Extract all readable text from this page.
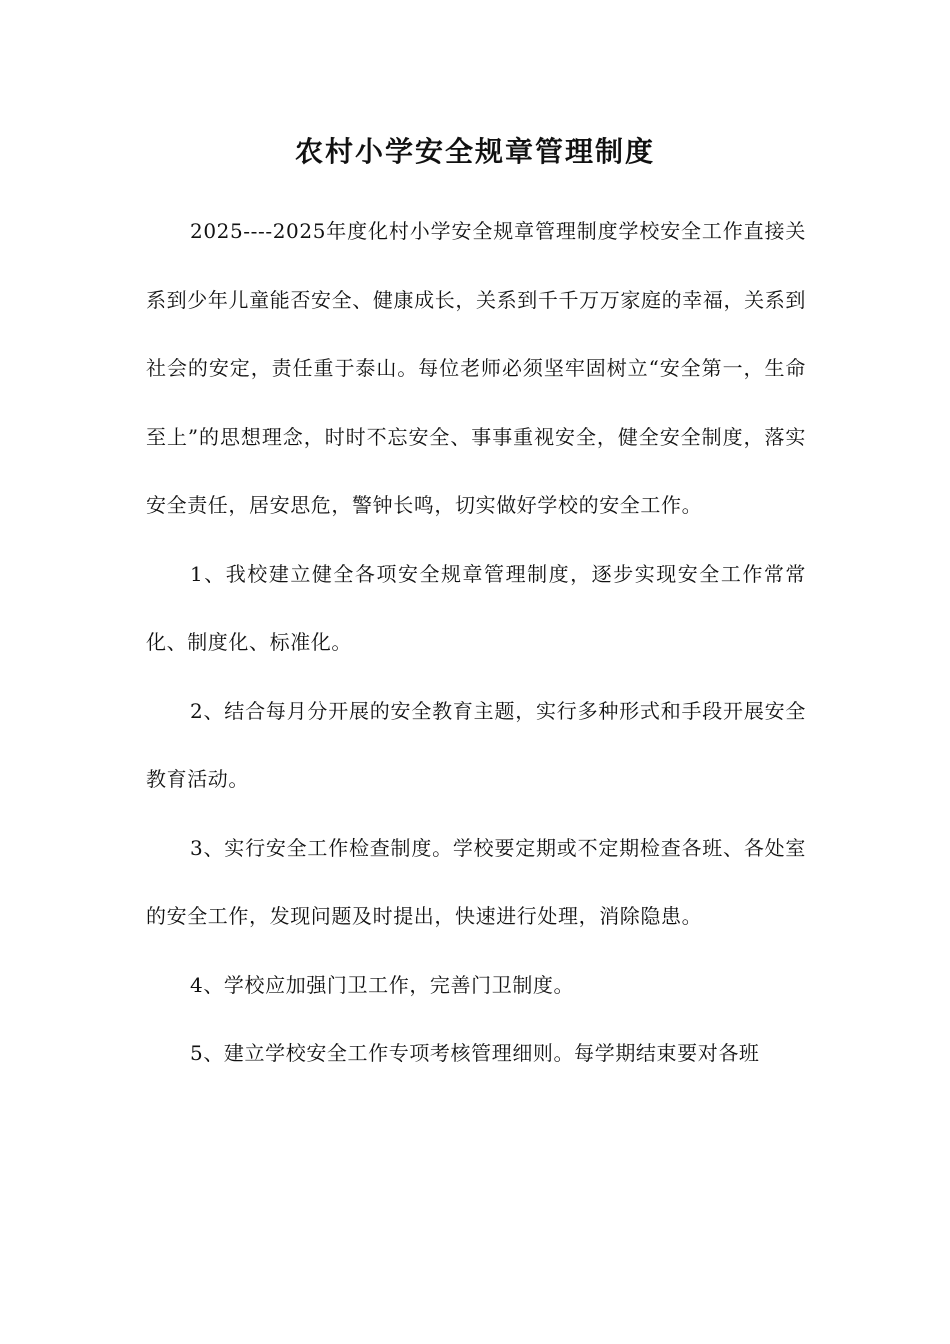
农村小学安全规章管理制度

2025----2025年度化村小学安全规章管理制度学校安全工作直接关系到少年儿童能否安全、健康成长，关系到千千万万家庭的幸福，关系到社会的安定，责任重于泰山。每位老师必须坚牢固树立“安全第一，生命至上”的思想理念，时时不忘安全、事事重视安全，健全安全制度，落实安全责任，居安思危，警钟长鸣，切实做好学校的安全工作。

1、我校建立健全各项安全规章管理制度，逐步实现安全工作常常化、制度化、标准化。

2、结合每月分开展的安全教育主题，实行多种形式和手段开展安全教育活动。

3、实行安全工作检查制度。学校要定期或不定期检查各班、各处室的安全工作，发现问题及时提出，快速进行处理，消除隐患。

4、学校应加强门卫工作，完善门卫制度。

5、建立学校安全工作专项考核管理细则。每学期结束要对各班
